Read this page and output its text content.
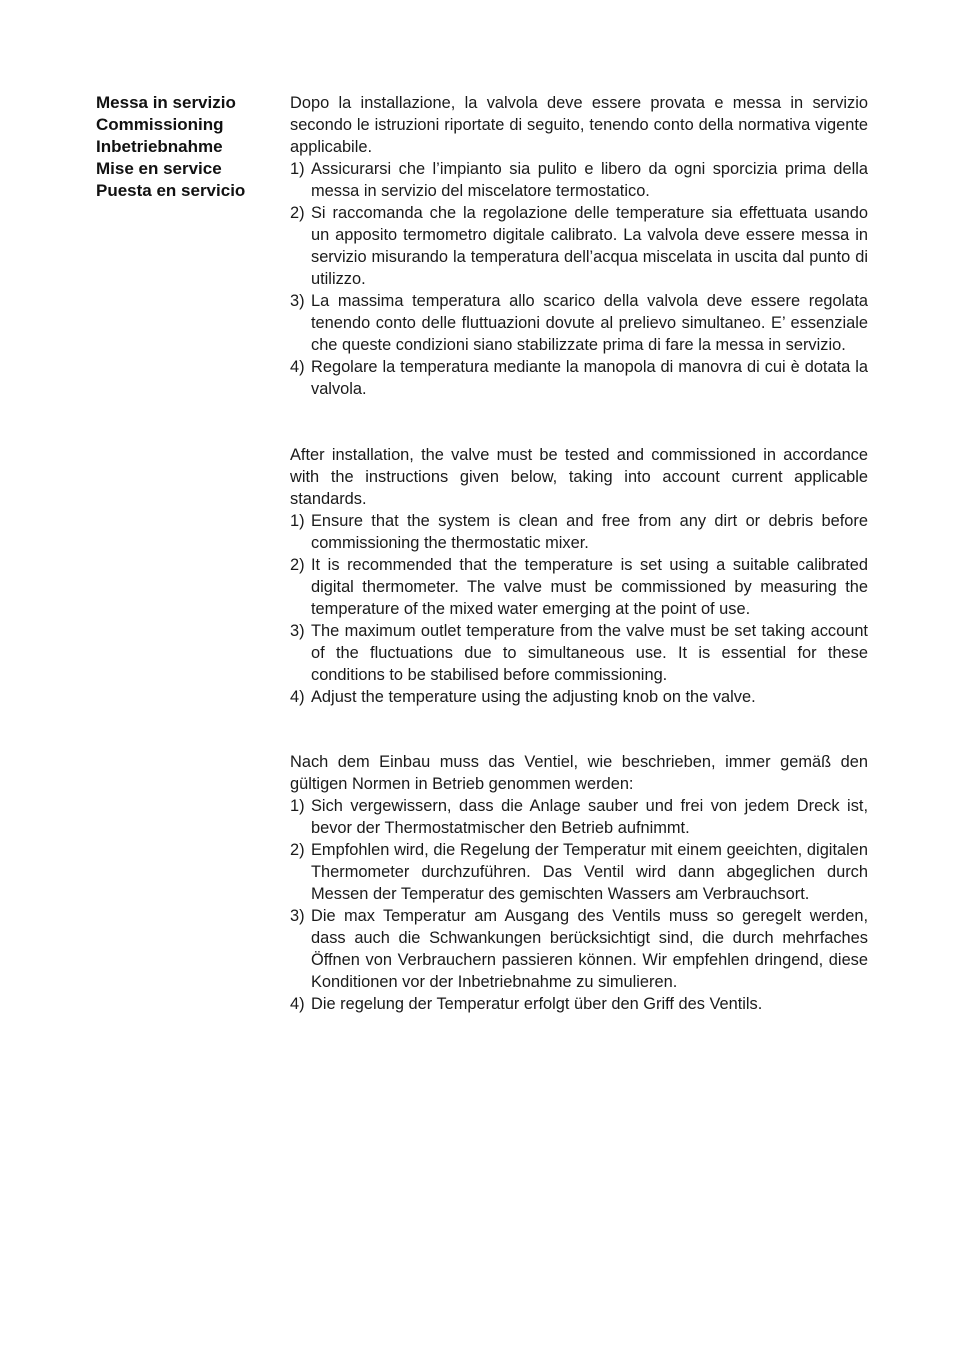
Messa in servizio
Commissioning
Inbetriebnahme
Mise en service
Puesta en servicio

Dopo la installazione, la valvola deve essere provata e messa in servizio secondo le istruzioni riportate di seguito, tenendo conto della normativa vigente applicabile.

1) Assicurarsi che l’impianto sia pulito e libero da ogni sporcizia prima della messa in servizio del miscelatore termostatico.
2) Si raccomanda che la regolazione delle temperature sia effettuata usando un apposito termometro digitale calibrato. La valvola deve essere messa in servizio misurando la temperatura dell’acqua miscelata in uscita dal punto di utilizzo.
3) La massima temperatura allo scarico della valvola deve essere regolata tenendo conto delle fluttuazioni dovute al prelievo simultaneo. E’ essenziale che queste condizioni siano stabilizzate prima di fare la messa in servizio.
4) Regolare la temperatura mediante la manopola di manovra di cui è dotata la valvola.

After installation, the valve must be tested and commissioned in accordance with the instructions given below, taking into account current applicable standards.

1) Ensure that the system is clean and free from any dirt or debris before commissioning the thermostatic mixer.
2) It is recommended that the temperature is set using a suitable calibrated digital thermometer. The valve must be commissioned by measuring the temperature of the mixed water emerging at the point of use.
3) The maximum outlet temperature from the valve must be set taking account of the fluctuations due to simultaneous use. It is essential for these conditions to be stabilised before commissioning.
4) Adjust the temperature using the adjusting knob on the valve.

Nach dem Einbau muss das Ventiel, wie beschrieben, immer gemäß den gültigen Normen in Betrieb genommen werden:

1) Sich vergewissern, dass die Anlage sauber und frei von jedem Dreck ist, bevor der Thermostatmischer den Betrieb aufnimmt.
2) Empfohlen wird, die Regelung der Temperatur mit einem geeichten, digitalen Thermometer durchzuführen. Das Ventil wird dann abgeglichen durch Messen der Temperatur des gemischten Wassers am Verbrauchsort.
3) Die max Temperatur am Ausgang des Ventils muss so geregelt werden, dass auch die Schwankungen berücksichtigt sind, die durch mehrfaches Öffnen von Verbrauchern passieren können. Wir empfehlen dringend, diese Konditionen vor der Inbetriebnahme zu simulieren.
4) Die regelung der Temperatur erfolgt über den Griff des Ventils.
